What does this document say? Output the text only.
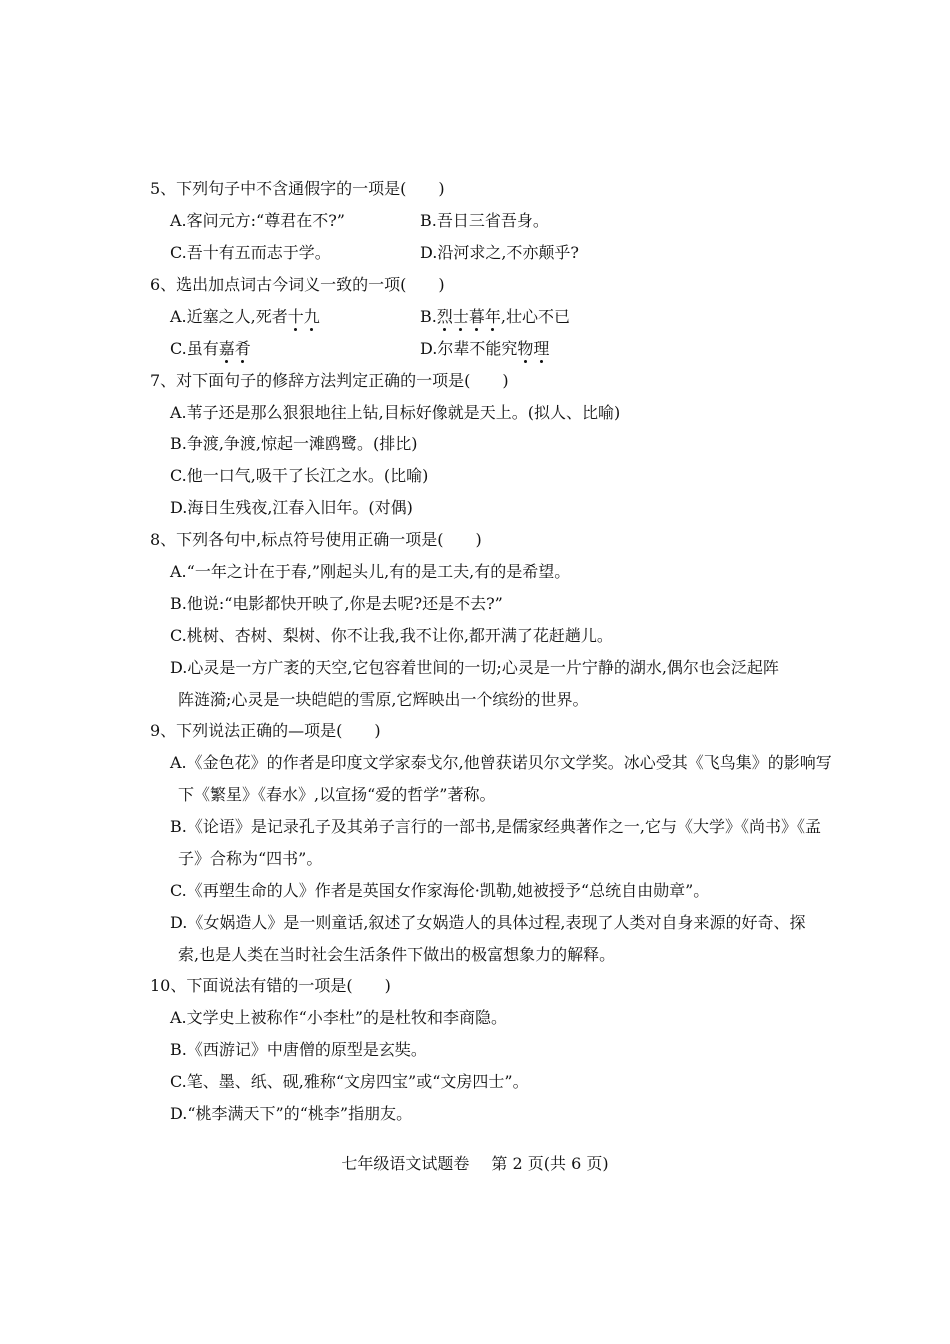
5、下列句子中不含通假字的一项是(　　)
A.客问元方:“尊君在不?”	B.吾日三省吾身。
C.吾十有五而志于学。	D.沿河求之,不亦颠乎?
6、选出加点词古今词义一致的一项(　　)
A.近塞之人,死者十九	B.烈士暮年,壮心不已
C.虽有嘉肴	D.尔辈不能究物理
7、对下面句子的修辞方法判定正确的一项是(　　)
A.苇子还是那么狠狠地往上钻,目标好像就是天上。(拟人、比喻)
B.争渡,争渡,惊起一滩鸥鹭。(排比)
C.他一口气,吸干了长江之水。(比喻)
D.海日生残夜,江春入旧年。(对偶)
8、下列各句中,标点符号使用正确一项是(　　)
A.“一年之计在于春,”刚起头儿,有的是工夫,有的是希望。
B.他说:“电影都快开映了,你是去呢?还是不去?”
C.桃树、杏树、梨树、你不让我,我不让你,都开满了花赶趟儿。
D.心灵是一方广袤的天空,它包容着世间的一切;心灵是一片宁静的湖水,偶尔也会泛起阵
阵涟漪;心灵是一块皑皑的雪原,它辉映出一个缤纷的世界。
9、下列说法正确的—项是(　　)
A.《金色花》的作者是印度文学家泰戈尔,他曾获诺贝尔文学奖。冰心受其《飞鸟集》的影响写
下《繁星》《春水》,以宣扬“爱的哲学”著称。
B.《论语》是记录孔子及其弟子言行的一部书,是儒家经典著作之一,它与《大学》《尚书》《孟
子》合称为“四书”。
C.《再塑生命的人》作者是英国女作家海伦·凯勒,她被授予“总统自由勋章”。
D.《女娲造人》是一则童话,叙述了女娲造人的具体过程,表现了人类对自身来源的好奇、探
索,也是人类在当时社会生活条件下做出的极富想象力的解释。
10、下面说法有错的一项是(　　)
A.文学史上被称作“小李杜”的是杜牧和李商隐。
B.《西游记》中唐僧的原型是玄奘。
C.笔、墨、纸、砚,雅称“文房四宝”或“文房四士”。
D.“桃李满天下”的“桃李”指朋友。
七年级语文试题卷 第 2 页(共 6 页)
